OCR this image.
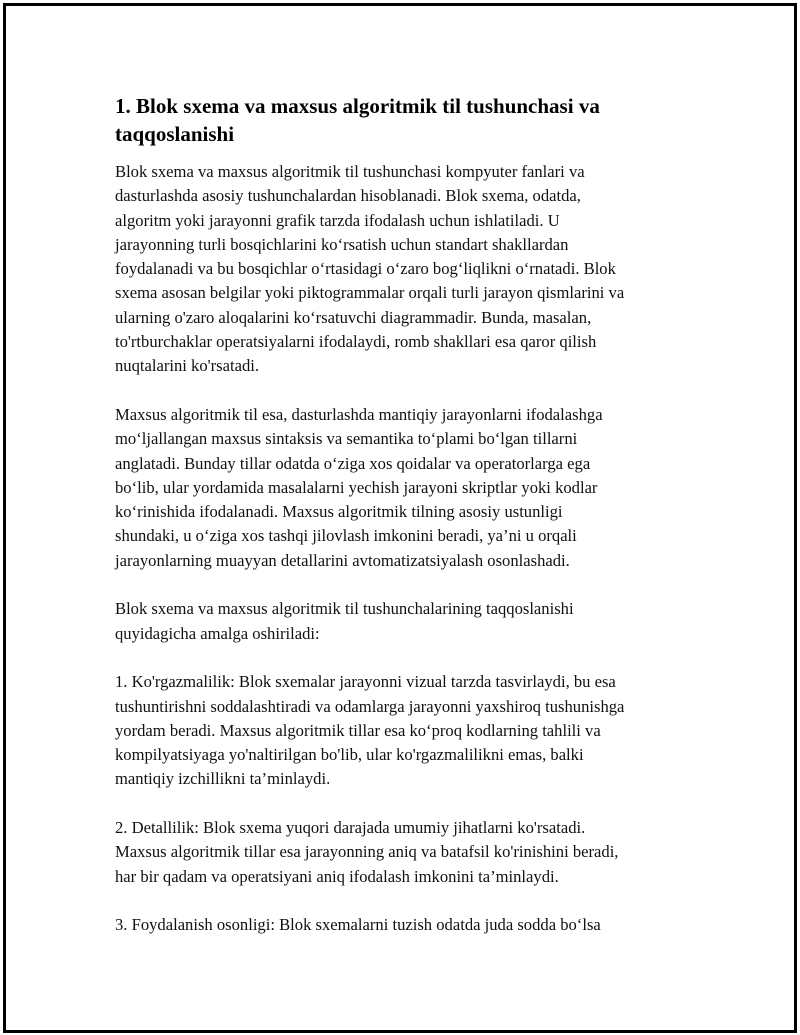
1. Blok sxema va maxsus algoritmik til tushunchasi va
taqqoslanishi

Blok sxema va maxsus algoritmik til tushunchasi kompyuter fanlari va
dasturlashda asosiy tushunchalardan hisoblanadi. Blok sxema, odatda,
algoritm yoki jarayonni grafik tarzda ifodalash uchun ishlatiladi. U
jarayonning turli bosqichlarini ko‘rsatish uchun standart shakllardan
foydalanadi va bu bosqichlar o‘rtasidagi o‘zaro bog‘liqlikni o‘rnatadi. Blok
sxema asosan belgilar yoki piktogrammalar orqali turli jarayon qismlarini va
ularning o'zaro aloqalarini ko‘rsatuvchi diagrammadir. Bunda, masalan,
to'rtburchaklar operatsiyalarni ifodalaydi, romb shakllari esa qaror qilish
nuqtalarini ko'rsatadi.

Maxsus algoritmik til esa, dasturlashda mantiqiy jarayonlarni ifodalashga
mo‘ljallangan maxsus sintaksis va semantika to‘plami bo‘lgan tillarni
anglatadi. Bunday tillar odatda o‘ziga xos qoidalar va operatorlarga ega
bo‘lib, ular yordamida masalalarni yechish jarayoni skriptlar yoki kodlar
ko‘rinishida ifodalanadi. Maxsus algoritmik tilning asosiy ustunligi
shundaki, u o‘ziga xos tashqi jilovlash imkonini beradi, ya’ni u orqali
jarayonlarning muayyan detallarini avtomatizatsiyalash osonlashadi.

Blok sxema va maxsus algoritmik til tushunchalarining taqqoslanishi
quyidagicha amalga oshiriladi:

1. Ko'rgazmalilik: Blok sxemalar jarayonni vizual tarzda tasvirlaydi, bu esa
tushuntirishni soddalashtiradi va odamlarga jarayonni yaxshiroq tushunishga
yordam beradi. Maxsus algoritmik tillar esa ko‘proq kodlarning tahlili va
kompilyatsiyaga yo'naltirilgan bo'lib, ular ko'rgazmalilikni emas, balki
mantiqiy izchillikni ta’minlaydi.

2. Detallilik: Blok sxema yuqori darajada umumiy jihatlarni ko'rsatadi.
Maxsus algoritmik tillar esa jarayonning aniq va batafsil ko'rinishini beradi,
har bir qadam va operatsiyani aniq ifodalash imkonini ta’minlaydi.

3. Foydalanish osonligi: Blok sxemalarni tuzish odatda juda sodda bo‘lsa
